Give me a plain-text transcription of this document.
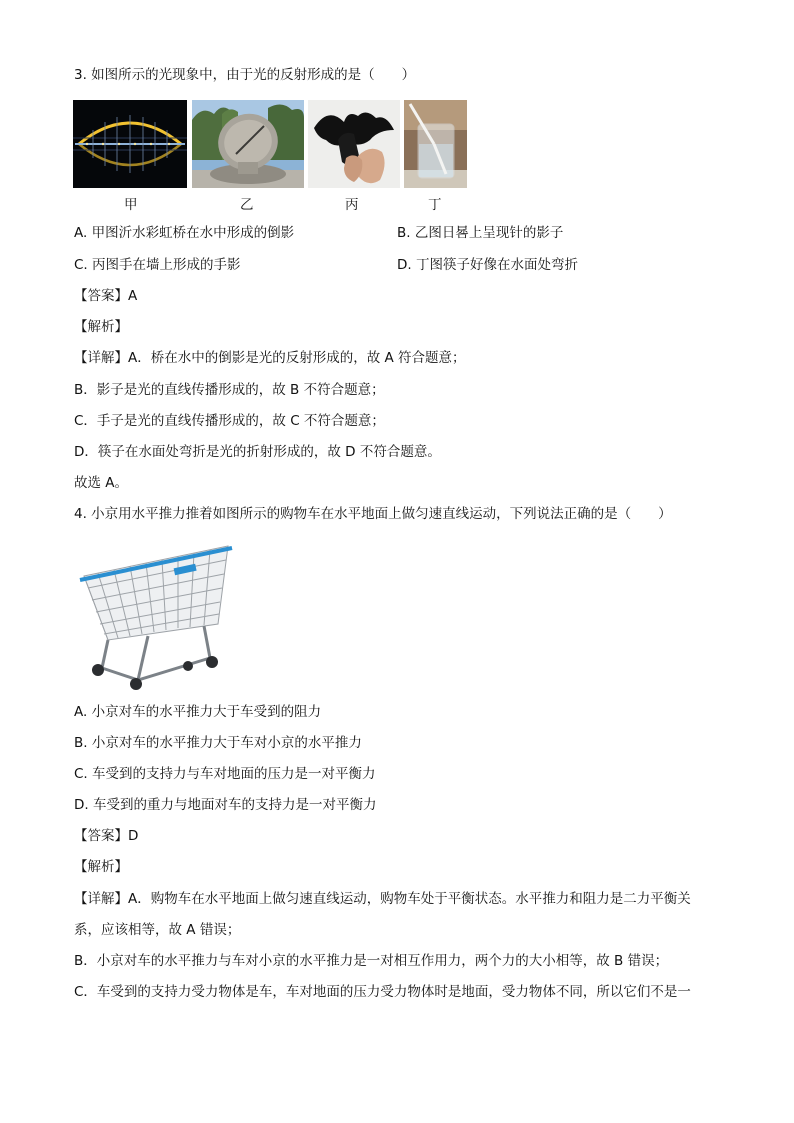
3. 如图所示的光现象中，由于光的反射形成的是（　　）
甲	乙	丙	丁
A. 甲图沂水彩虹桥在水中形成的倒影	B. 乙图日晷上呈现针的影子
C. 丙图手在墙上形成的手影	D. 丁图筷子好像在水面处弯折
【答案】A
【解析】
【详解】A．桥在水中的倒影是光的反射形成的，故 A 符合题意；
B．影子是光的直线传播形成的，故 B 不符合题意；
C．手子是光的直线传播形成的，故 C 不符合题意；
D．筷子在水面处弯折是光的折射形成的，故 D 不符合题意。
故选 A。
4. 小京用水平推力推着如图所示的购物车在水平地面上做匀速直线运动，下列说法正确的是（　　）
A. 小京对车的水平推力大于车受到的阻力
B. 小京对车的水平推力大于车对小京的水平推力
C. 车受到的支持力与车对地面的压力是一对平衡力
D. 车受到的重力与地面对车的支持力是一对平衡力
【答案】D
【解析】
【详解】A．购物车在水平地面上做匀速直线运动，购物车处于平衡状态。水平推力和阻力是二力平衡关
系，应该相等，故 A 错误；
B．小京对车的水平推力与车对小京的水平推力是一对相互作用力，两个力的大小相等，故 B 错误；
C．车受到的支持力受力物体是车，车对地面的压力受力物体时是地面，受力物体不同，所以它们不是一
